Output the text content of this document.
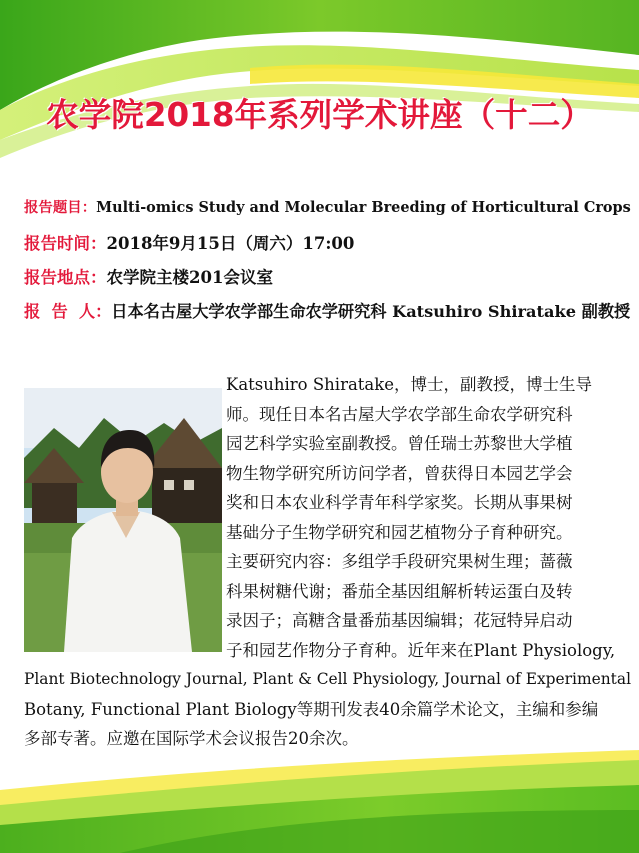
农学院2018年系列学术讲座（十二）
报告题目：Multi-omics Study and Molecular Breeding of Horticultural Crops
报告时间：2018年9月15日（周六）17:00
报告地点：农学院主楼201会议室
报  告  人：日本名古屋大学农学部生命农学研究科 Katsuhiro Shiratake 副教授
Katsuhiro Shiratake，博士，副教授，博士生导
师。现任日本名古屋大学农学部生命农学研究科
园艺科学实验室副教授。曾任瑞士苏黎世大学植
物生物学研究所访问学者，曾获得日本园艺学会
奖和日本农业科学青年科学家奖。长期从事果树
基础分子生物学研究和园艺植物分子育种研究。
主要研究内容：多组学手段研究果树生理；蔷薇
科果树糖代谢；番茄全基因组解析转运蛋白及转
录因子；高糖含量番茄基因编辑；花冠特异启动
子和园艺作物分子育种。近年来在Plant Physiology,
Plant Biotechnology Journal, Plant & Cell Physiology, Journal of Experimental
Botany, Functional Plant Biology等期刊发表40余篇学术论文，主编和参编
多部专著。应邀在国际学术会议报告20余次。
